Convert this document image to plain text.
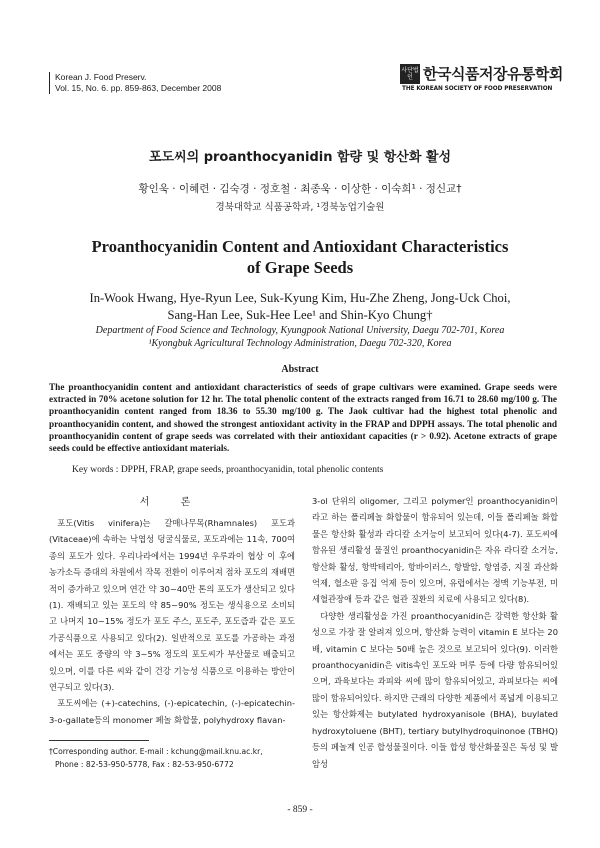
Korean J. Food Preserv.
Vol. 15, No. 6. pp. 859-863, December 2008
사단법인 한국식품저장유통학회
THE KOREAN SOCIETY OF FOOD PRESERVATION
포도씨의 proanthocyanidin 함량 및 항산화 활성
황인욱 · 이혜련 · 김숙경 · 정호철 · 최종욱 · 이상한 · 이숙희¹ · 정신교†
경북대학교 식품공학과, ¹경북농업기술원
Proanthocyanidin Content and Antioxidant Characteristics
of Grape Seeds
In-Wook Hwang, Hye-Ryun Lee, Suk-Kyung Kim, Hu-Zhe Zheng, Jong-Uck Choi,
Sang-Han Lee, Suk-Hee Lee¹ and Shin-Kyo Chung†
Department of Food Science and Technology, Kyungpook National University, Daegu 702-701, Korea
¹Kyongbuk Agricultural Technology Administration, Daegu 702-320, Korea
Abstract
The proanthocyanidin content and antioxidant characteristics of seeds of grape cultivars were examined. Grape seeds were extracted in 70% acetone solution for 12 hr. The total phenolic content of the extracts ranged from 16.71 to 28.60 mg/100 g. The proanthocyanidin content ranged from 18.36 to 55.30 mg/100 g. The Jaok cultivar had the highest total phenolic and proanthocyanidin content, and showed the strongest antioxidant activity in the FRAP and DPPH assays. The total phenolic and proanthocyanidin content of grape seeds was correlated with their antioxidant capacities (r > 0.92). Acetone extracts of grape seeds could be effective antioxidant materials.
Key words : DPPH, FRAP, grape seeds, proanthocyanidin, total phenolic contents
서 론
포도(Vitis vinifera)는 갈매나무목(Rhamnales) 포도과(Vitaceae)에 속하는 낙엽성 덩굴식물로, 포도과에는 11속, 700여종의 포도가 있다. 우리나라에서는 1994년 우루과이 협상 이 후에 농가소득 증대의 차원에서 작목 전환이 이루어져 점차 포도의 재배면적이 증가하고 있으며 연간 약 30~40만 톤의 포도가 생산되고 있다(1). 재배되고 있는 포도의 약 85~90% 정도는 생식용으로 소비되고 나머지 10~15% 정도가 포도 주스, 포도주, 포도즙과 같은 포도 가공식품으로 사용되고 있다(2). 일반적으로 포도를 가공하는 과정에서는 포도 중량의 약 3~5% 정도의 포도씨가 부산물로 배출되고 있으며, 이를 다른 씨와 같이 건강 기능성 식품으로 이용하는 방안이 연구되고 있다(3).
포도씨에는 (+)-catechins, (-)-epicatechin, (-)-epicatechin-3-o-gallate등의 monomer 페놀 화합물, polyhydroxy flavan-
3-ol 단위의 oligomer, 그리고 polymer인 proanthocyanidin이라고 하는 폴리페놀 화합물이 함유되어 있는데, 이들 폴리페놀 화합물은 항산화 활성과 라디칼 소거능이 보고되어 있다(4-7). 포도씨에 함유된 생리활성 물질인 proanthocyanidin은 자유 라디칼 소거능, 항산화 활성, 항박테리아, 항바이러스, 항발암, 항염증, 지질 과산화 억제, 혈소판 응집 억제 등이 있으며, 유럽에서는 정맥 기능부전, 미세혈관장애 등과 같은 혈관 질환의 치료에 사용되고 있다(8).
다양한 생리활성을 가진 proanthocyanidin은 강력한 항산화 활성으로 가장 잘 알려져 있으며, 항산화 능력이 vitamin E 보다는 20배, vitamin C 보다는 50배 높은 것으로 보고되어 있다(9). 이러한 proanthocyanidin은 vitis속인 포도와 머루 등에 다량 함유되어있으며, 과육보다는 과피와 씨에 많이 함유되어있고, 과피보다는 씨에 많이 함유되어있다. 하지만 근래의 다양한 제품에서 폭넓게 이용되고 있는 항산화제는 butylated hydroxyanisole (BHA), buylated hydroxytoluene (BHT), tertiary butylhydroquinonoe (TBHQ) 등의 페놀계 인공 합성물질이다. 이들 합성 항산화물질은 독성 및 발암성
†Corresponding author. E-mail : kchung@mail.knu.ac.kr,
Phone : 82-53-950-5778, Fax : 82-53-950-6772
- 859 -
